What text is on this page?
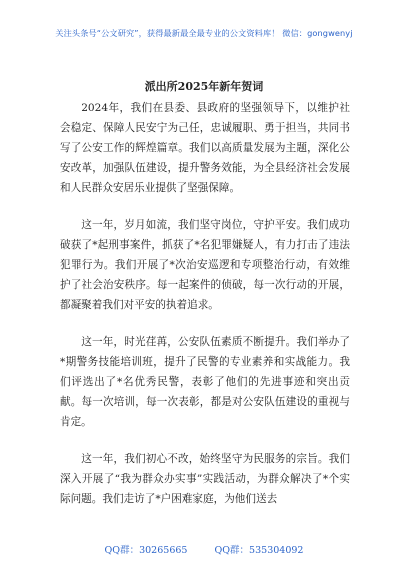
关注头条号“公文研究”，获得最新最全最专业的公文资料库！ 微信：gongwenyj
派出所2025年新年贺词

2024年，我们在县委、县政府的坚强领导下，以维护社会稳定、保障人民安宁为己任，忠诚履职、勇于担当，共同书写了公安工作的辉煌篇章。我们以高质量发展为主题，深化公安改革，加强队伍建设，提升警务效能，为全县经济社会发展和人民群众安居乐业提供了坚强保障。

这一年，岁月如流，我们坚守岗位，守护平安。我们成功破获了*起刑事案件，抓获了*名犯罪嫌疑人，有力打击了违法犯罪行为。我们开展了*次治安巡逻和专项整治行动，有效维护了社会治安秩序。每一起案件的侦破，每一次行动的开展，都凝聚着我们对平安的执着追求。

这一年，时光荏苒，公安队伍素质不断提升。我们举办了*期警务技能培训班，提升了民警的专业素养和实战能力。我们评选出了*名优秀民警，表彰了他们的先进事迹和突出贡献。每一次培训，每一次表彰，都是对公安队伍建设的重视与肯定。

这一年，我们初心不改，始终坚守为民服务的宗旨。我们深入开展了“我为群众办实事”实践活动，为群众解决了*个实际问题。我们走访了*户困难家庭，为他们送去

QQ群：30265665	QQ群：535304092
